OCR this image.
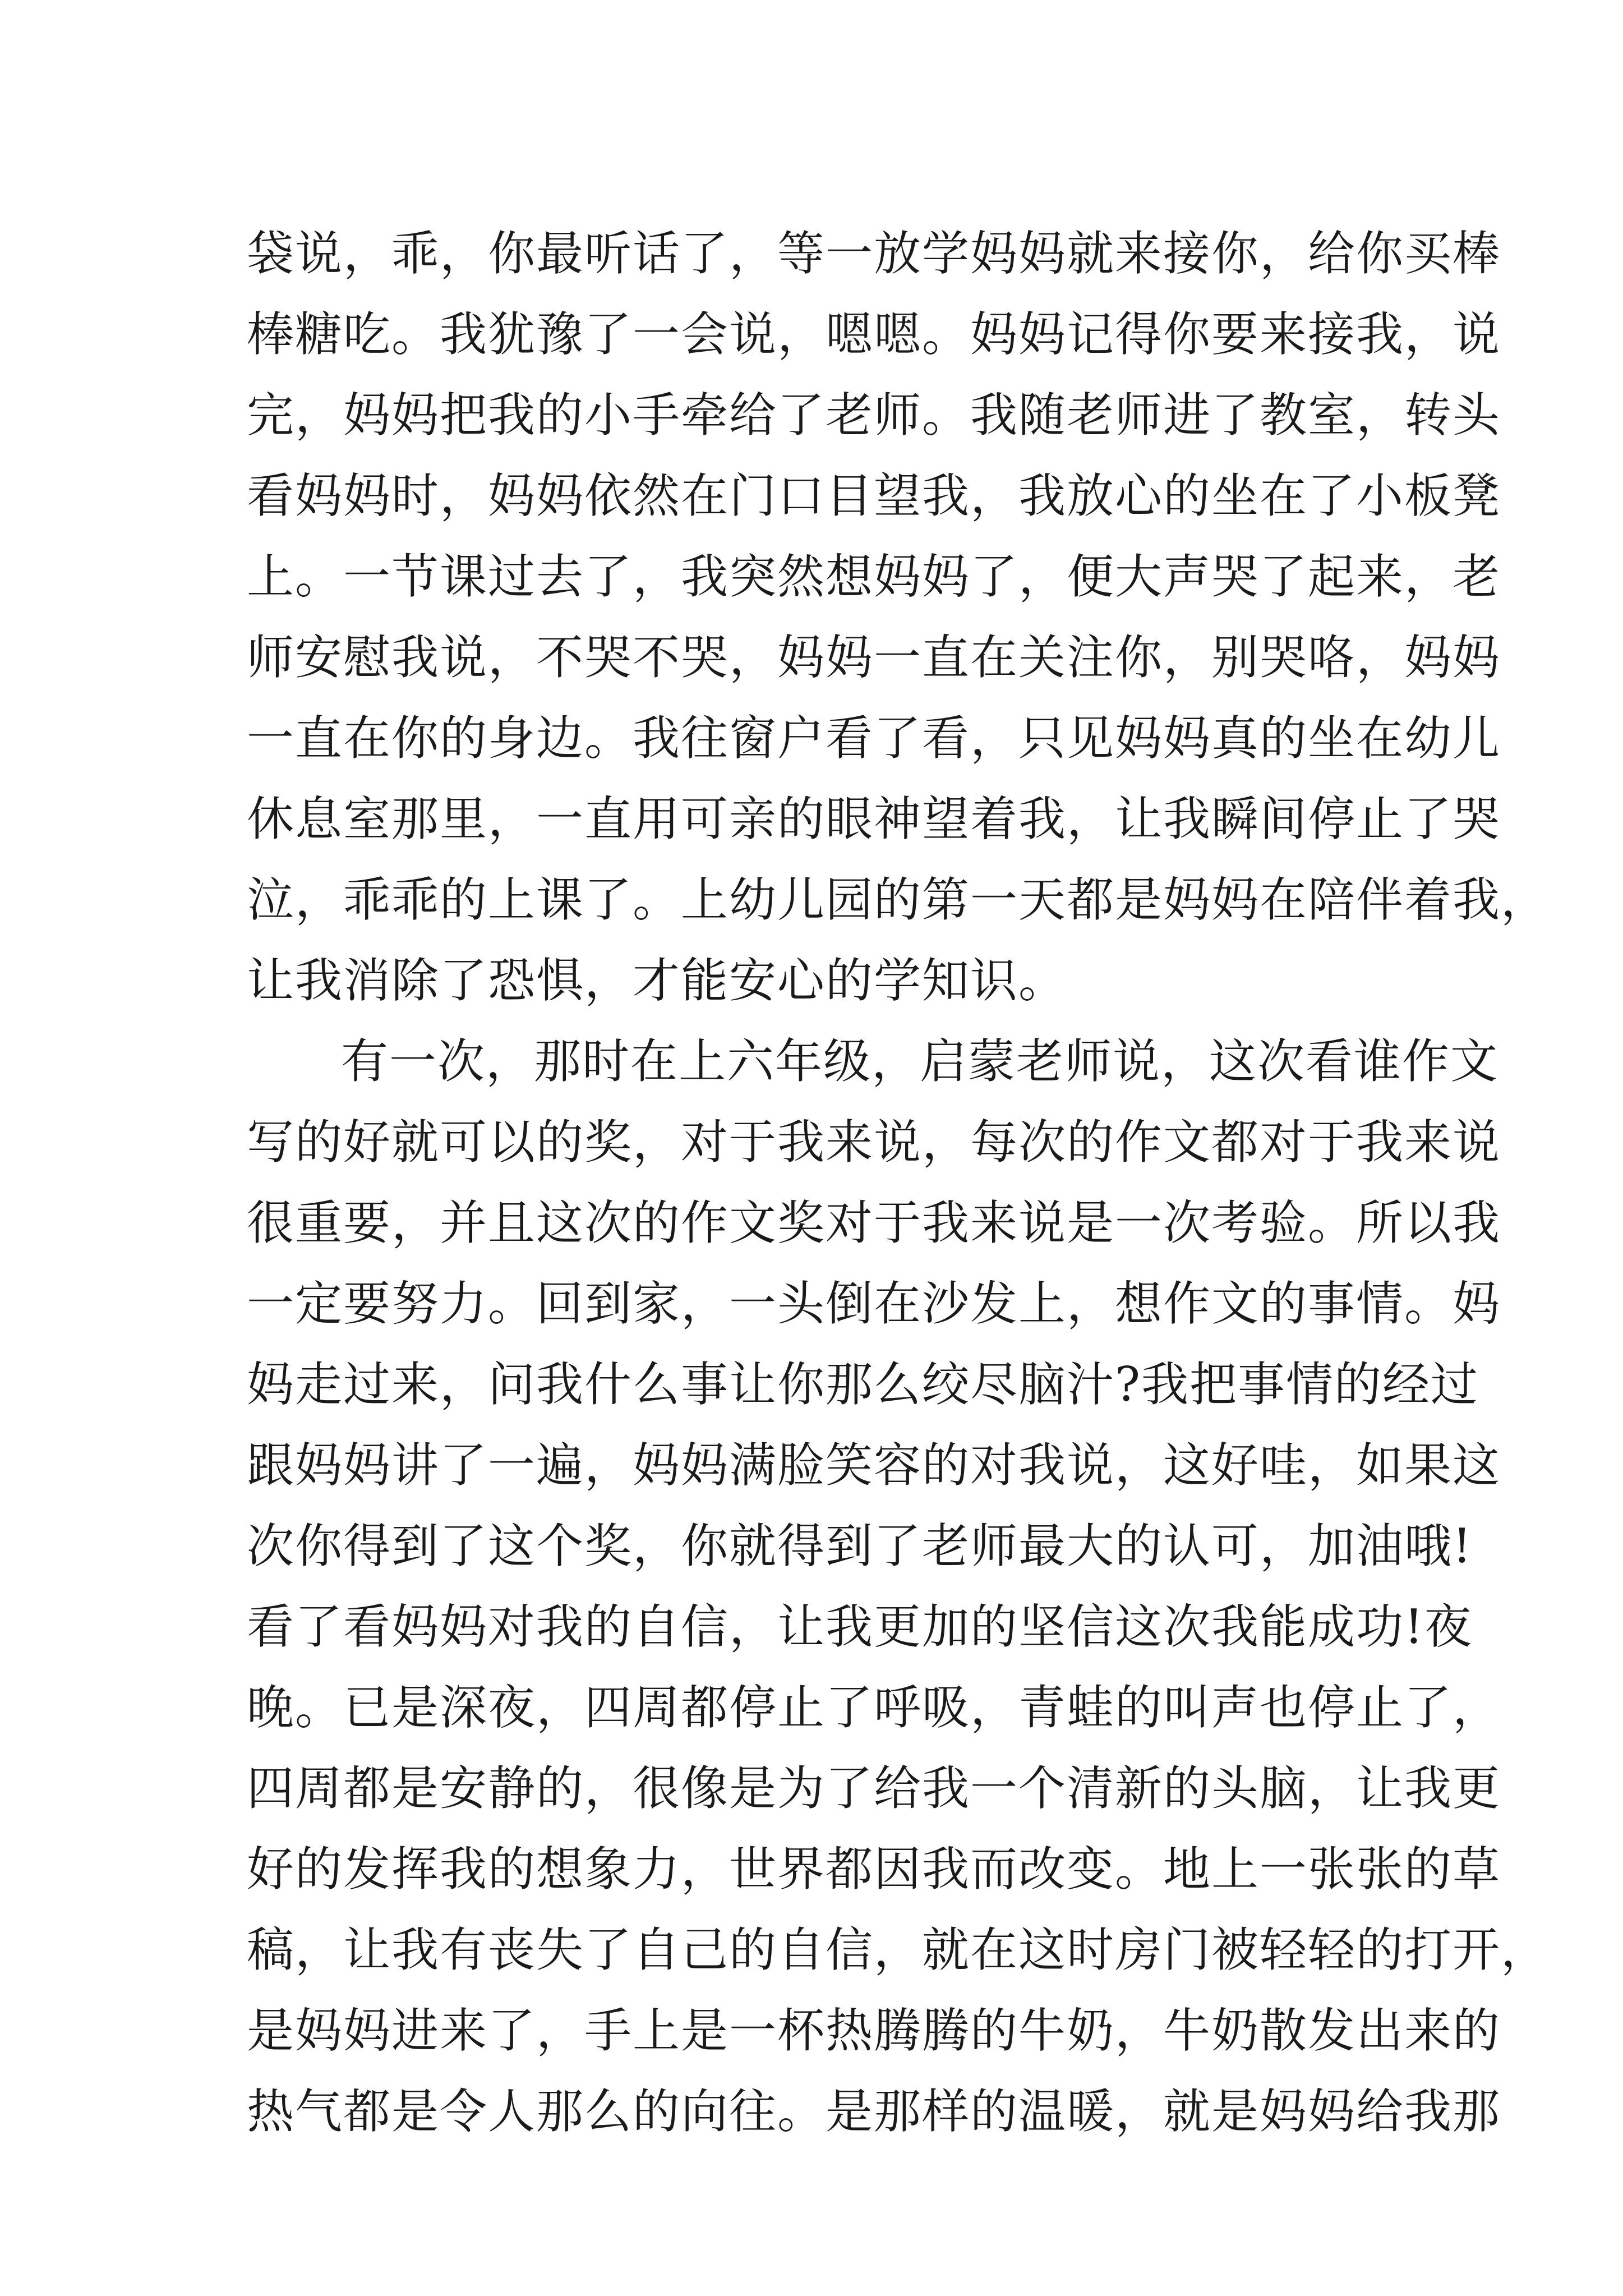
袋说，乖，你最听话了，等一放学妈妈就来接你，给你买棒
棒糖吃。我犹豫了一会说，嗯嗯。妈妈记得你要来接我，说
完，妈妈把我的小手牵给了老师。我随老师进了教室，转头
看妈妈时，妈妈依然在门口目望我，我放心的坐在了小板凳
上。一节课过去了，我突然想妈妈了，便大声哭了起来，老
师安慰我说，不哭不哭，妈妈一直在关注你，别哭咯，妈妈
一直在你的身边。我往窗户看了看，只见妈妈真的坐在幼儿
休息室那里，一直用可亲的眼神望着我，让我瞬间停止了哭
泣，乖乖的上课了。上幼儿园的第一天都是妈妈在陪伴着我，
让我消除了恐惧，才能安心的学知识。
有一次，那时在上六年级，启蒙老师说，这次看谁作文
写的好就可以的奖，对于我来说，每次的作文都对于我来说
很重要，并且这次的作文奖对于我来说是一次考验。所以我
一定要努力。回到家，一头倒在沙发上，想作文的事情。妈
妈走过来，问我什么事让你那么绞尽脑汁?我把事情的经过
跟妈妈讲了一遍，妈妈满脸笑容的对我说，这好哇，如果这
次你得到了这个奖，你就得到了老师最大的认可，加油哦!
看了看妈妈对我的自信，让我更加的坚信这次我能成功!夜
晚。已是深夜，四周都停止了呼吸，青蛙的叫声也停止了，
四周都是安静的，很像是为了给我一个清新的头脑，让我更
好的发挥我的想象力，世界都因我而改变。地上一张张的草
稿，让我有丧失了自己的自信，就在这时房门被轻轻的打开，
是妈妈进来了，手上是一杯热腾腾的牛奶，牛奶散发出来的
热气都是令人那么的向往。是那样的温暖，就是妈妈给我那
